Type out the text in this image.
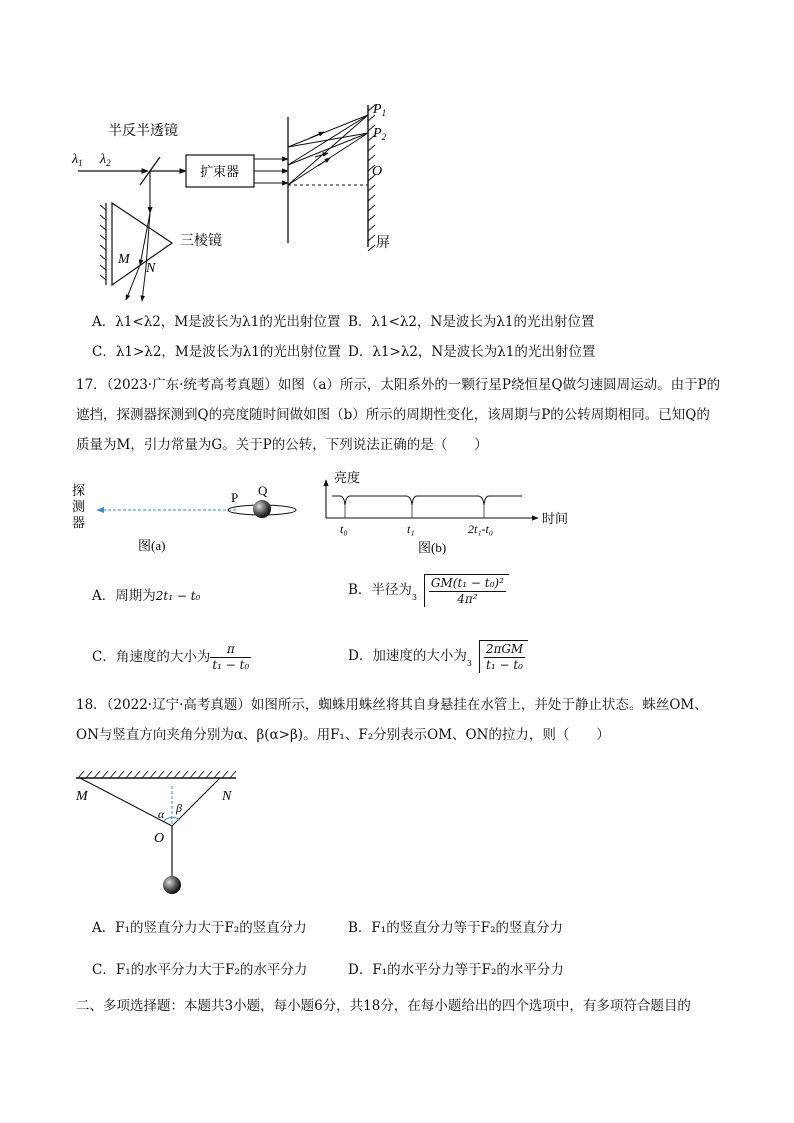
半反半透镜
扩束器
三棱镜	屏
$\lambda_1$ $\lambda_2$
M
N
$P_1$
$P_2$
O
A．λ1<λ2，M是波长为λ1的光出射位置 B．λ1<λ2，N是波长为λ1的光出射位置
C．λ1>λ2，M是波长为λ1的光出射位置 D．λ1>λ2，N是波长为λ1的光出射位置
17．（2023·广东·统考高考真题）如图（a）所示，太阳系外的一颗行星P绕恒星Q做匀速圆周运动。由于P的遮挡，探测器探测到Q的亮度随时间做如图（b）所示的周期性变化，该周期与P的公转周期相同。已知Q的质量为M，引力常量为G。关于P的公转，下列说法正确的是（　　）
P Q
探
测
器
图(a)
亮度
时间
t₀	t₁	2t₁-t₀
图(b)
A．周期为2t₁ − t₀	B．半径为 $3 \frac{\text{GM(t₁ − t₀)²}}{\text{4π²}}$
C．角速度的大小为 $\frac{\pi}{\text{t₁ − t₀}}$	D．加速度的大小为 $3 \frac{\text{2πGM}}{\text{t₁ − t₀}}$
18．（2022·辽宁·高考真题）如图所示，蜘蛛用蛛丝将其自身悬挂在水管上，并处于静止状态。蛛丝OM、ON与竖直方向夹角分别为α、β(α>β)。用F₁、F₂分别表示OM、ON的拉力，则（　　）
M	N
O
α β
A．F₁的竖直分力大于F₂的竖直分力	B．F₁的竖直分力等于F₂的竖直分力
C．F₁的水平分力大于F₂的水平分力	D．F₁的水平分力等于F₂的水平分力
二、多项选择题：本题共3小题，每小题6分，共18分，在每小题给出的四个选项中，有多项符合题目的
